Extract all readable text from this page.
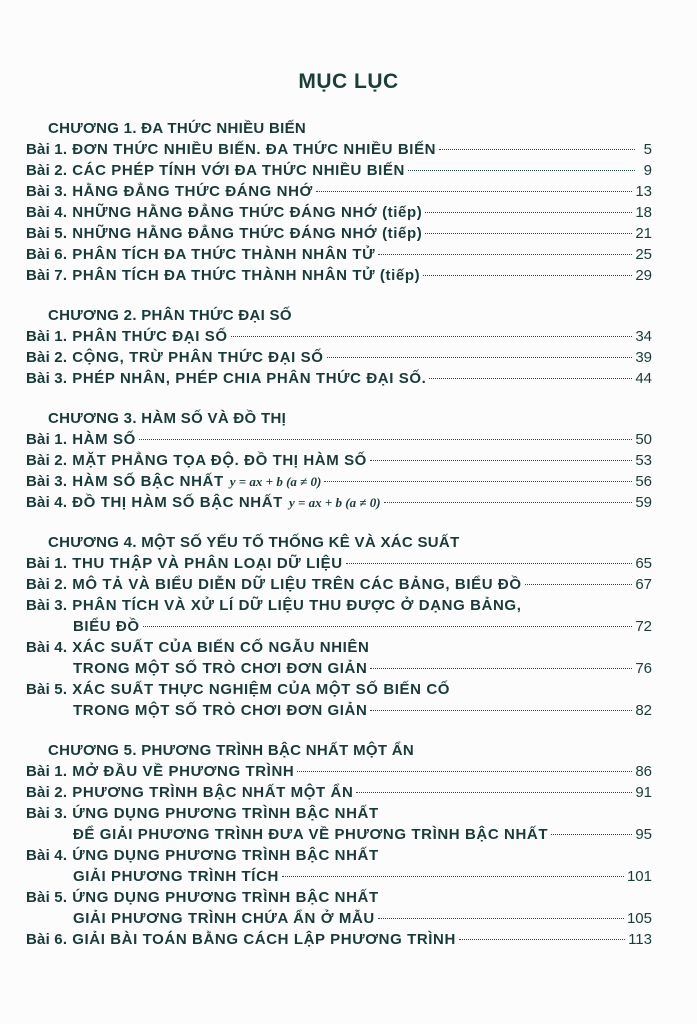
MỤC LỤC
CHƯƠNG 1. ĐA THỨC NHIỀU BIẾN
Bài 1. ĐƠN THỨC NHIỀU BIẾN. ĐA THỨC NHIỀU BIẾN	5
Bài 2. CÁC PHÉP TÍNH VỚI ĐA THỨC NHIỀU BIẾN	9
Bài 3. HẰNG ĐẲNG THỨC ĐÁNG NHỚ	13
Bài 4. NHỮNG HẰNG ĐẲNG THỨC ĐÁNG NHỚ (tiếp)	18
Bài 5. NHỮNG HẰNG ĐẲNG THỨC ĐÁNG NHỚ (tiếp)	21
Bài 6. PHÂN TÍCH ĐA THỨC THÀNH NHÂN TỬ	25
Bài 7. PHÂN TÍCH ĐA THỨC THÀNH NHÂN TỬ (tiếp)	29
CHƯƠNG 2. PHÂN THỨC ĐẠI SỐ
Bài 1. PHÂN THỨC ĐẠI SỐ	34
Bài 2. CỘNG, TRỪ PHÂN THỨC ĐẠI SỐ	39
Bài 3. PHÉP NHÂN, PHÉP CHIA PHÂN THỨC ĐẠI SỐ.	44
CHƯƠNG 3. HÀM SỐ VÀ ĐỒ THỊ
Bài 1. HÀM SỐ	50
Bài 2. MẶT PHẲNG TỌA ĐỘ. ĐỒ THỊ HÀM SỐ	53
Bài 3. HÀM SỐ BẬC NHẤT y = ax + b (a ≠ 0)	56
Bài 4. ĐỒ THỊ HÀM SỐ BẬC NHẤT y = ax + b (a ≠ 0)	59
CHƯƠNG 4. MỘT SỐ YẾU TỐ THỐNG KÊ VÀ XÁC SUẤT
Bài 1. THU THẬP VÀ PHÂN LOẠI DỮ LIỆU	65
Bài 2. MÔ TẢ VÀ BIỂU DIỄN DỮ LIỆU TRÊN CÁC BẢNG, BIỂU ĐỒ	67
Bài 3. PHÂN TÍCH VÀ XỬ LÍ DỮ LIỆU THU ĐƯỢC Ở DẠNG BẢNG,
BIỂU ĐỒ	72
Bài 4. XÁC SUẤT CỦA BIẾN CỐ NGẪU NHIÊN
TRONG MỘT SỐ TRÒ CHƠI ĐƠN GIẢN	76
Bài 5. XÁC SUẤT THỰC NGHIỆM CỦA MỘT SỐ BIẾN CỐ
TRONG MỘT SỐ TRÒ CHƠI ĐƠN GIẢN	82
CHƯƠNG 5. PHƯƠNG TRÌNH BẬC NHẤT MỘT ẨN
Bài 1. MỞ ĐẦU VỀ PHƯƠNG TRÌNH	86
Bài 2. PHƯƠNG TRÌNH BẬC NHẤT MỘT ẨN	91
Bài 3. ỨNG DỤNG PHƯƠNG TRÌNH BẬC NHẤT
ĐỂ GIẢI PHƯƠNG TRÌNH ĐƯA VỀ PHƯƠNG TRÌNH BẬC NHẤT	95
Bài 4. ỨNG DỤNG PHƯƠNG TRÌNH BẬC NHẤT
GIẢI PHƯƠNG TRÌNH TÍCH	101
Bài 5. ỨNG DỤNG PHƯƠNG TRÌNH BẬC NHẤT
GIẢI PHƯƠNG TRÌNH CHỨA ẨN Ở MẪU	105
Bài 6. GIẢI BÀI TOÁN BẰNG CÁCH LẬP PHƯƠNG TRÌNH	113
